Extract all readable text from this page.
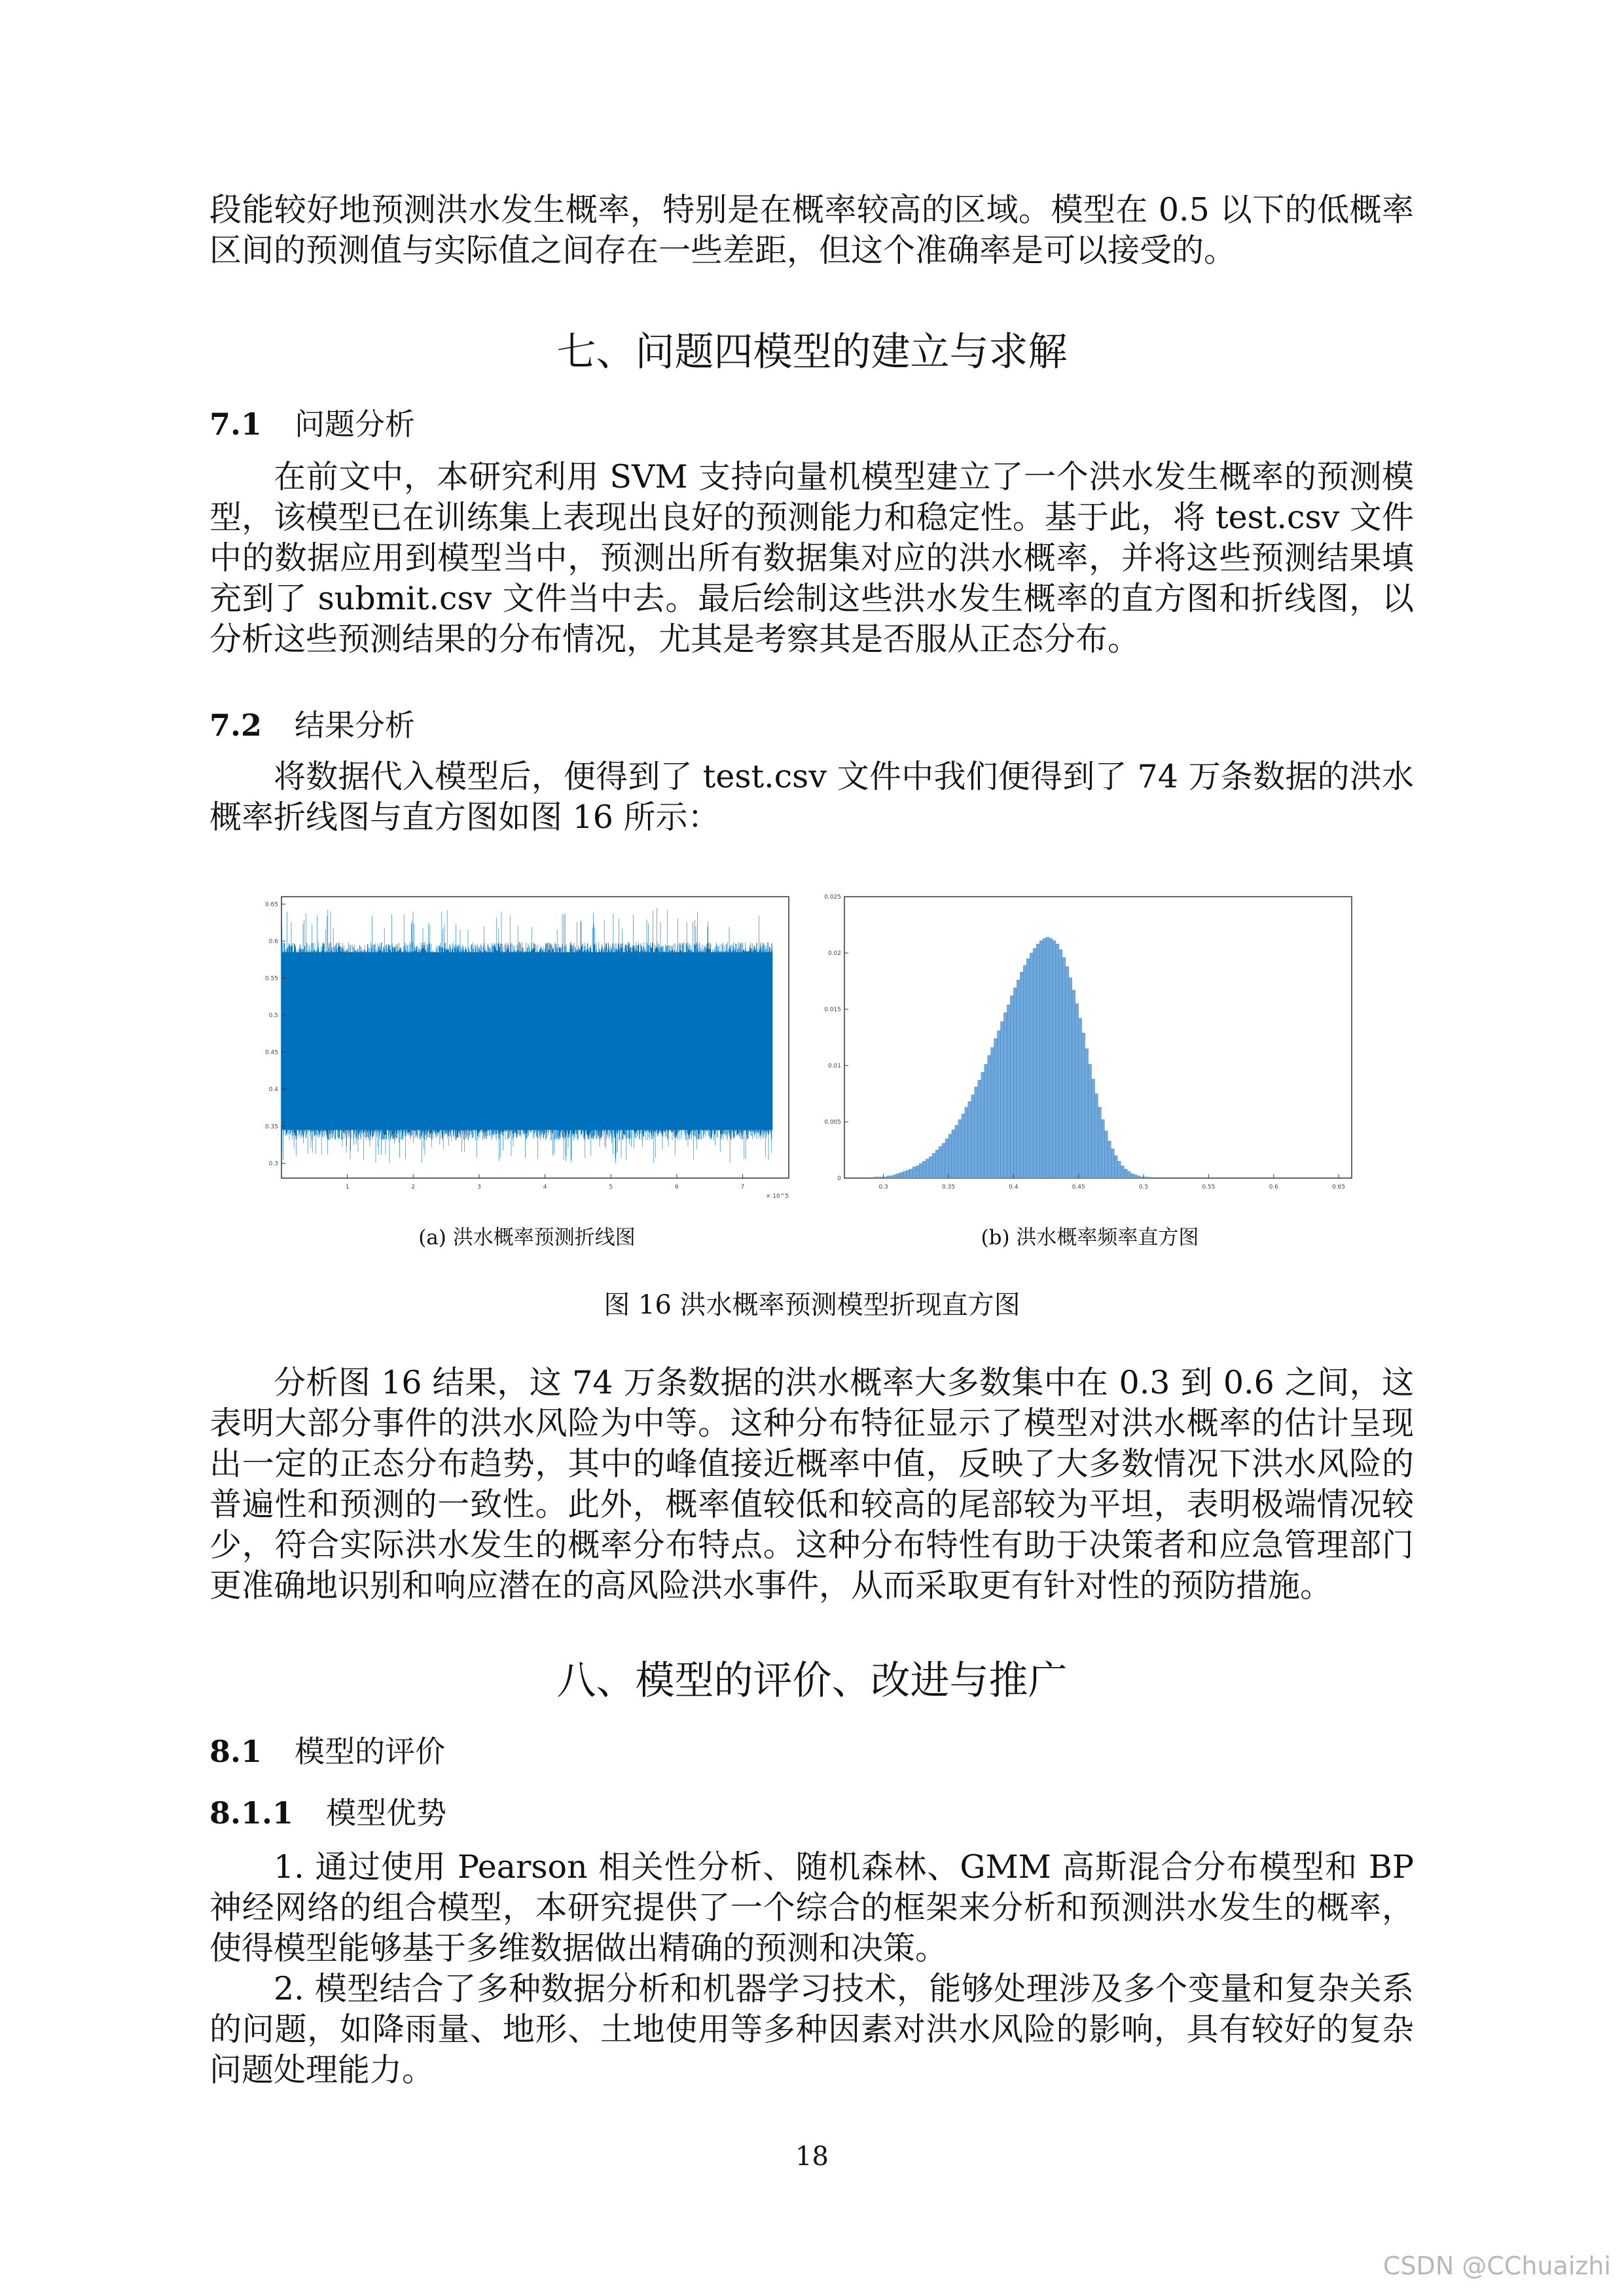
段能较好地预测洪水发生概率，特别是在概率较高的区域。模型在 0.5 以下的低概率区间的预测值与实际值之间存在一些差距，但这个准确率是可以接受的。

七、问题四模型的建立与求解
7.1 问题分析

在前文中，本研究利用 SVM 支持向量机模型建立了一个洪水发生概率的预测模型，该模型已在训练集上表现出良好的预测能力和稳定性。基于此，将 test.csv 文件中的数据应用到模型当中，预测出所有数据集对应的洪水概率，并将这些预测结果填充到了 submit.csv 文件当中去。最后绘制这些洪水发生概率的直方图和折线图，以分析这些预测结果的分布情况，尤其是考察其是否服从正态分布。

7.2 结果分析

将数据代入模型后，便得到了 test.csv 文件中我们便得到了 74 万条数据的洪水概率折线图与直方图如图 16 所示：

1	2	3	4	5	6	7
× 10^5
0.3
0.35
0.4
0.45
0.5
0.55
0.6
0.65
(a) 洪水概率预测折线图
0.3	0.35	0.4	0.45	0.5	0.55	0.6	0.65
0
0.005
0.01
0.015
0.02
0.025
(b) 洪水概率频率直方图
图 16 洪水概率预测模型折现直方图

分析图 16 结果，这 74 万条数据的洪水概率大多数集中在 0.3 到 0.6 之间，这表明大部分事件的洪水风险为中等。这种分布特征显示了模型对洪水概率的估计呈现出一定的正态分布趋势，其中的峰值接近概率中值，反映了大多数情况下洪水风险的普遍性和预测的一致性。此外，概率值较低和较高的尾部较为平坦，表明极端情况较少，符合实际洪水发生的概率分布特点。这种分布特性有助于决策者和应急管理部门更准确地识别和响应潜在的高风险洪水事件，从而采取更有针对性的预防措施。

八、模型的评价、改进与推广
8.1 模型的评价
8.1.1 模型优势

1. 通过使用 Pearson 相关性分析、随机森林、GMM 高斯混合分布模型和 BP 神经网络的组合模型，本研究提供了一个综合的框架来分析和预测洪水发生的概率，使得模型能够基于多维数据做出精确的预测和决策。

2. 模型结合了多种数据分析和机器学习技术，能够处理涉及多个变量和复杂关系的问题，如降雨量、地形、土地使用等多种因素对洪水风险的影响，具有较好的复杂问题处理能力。

18
CSDN @CChuaizhi
